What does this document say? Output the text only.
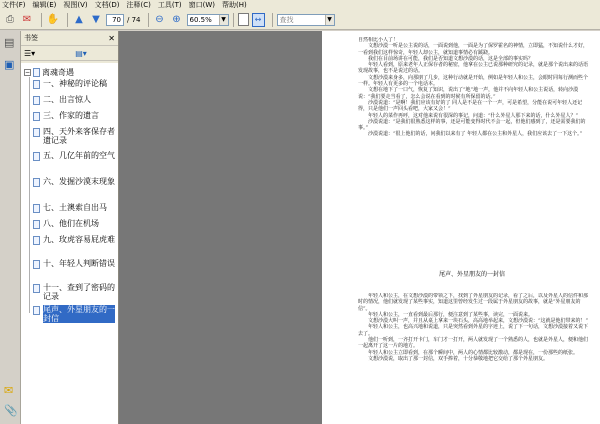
文件(F) 编辑(E) 视图(V) 文档(D) 注释(C) 工具(T) 窗口(W) 帮助(H)
⎙ ✉ ✋	▲ ▼	70 / 74 ⊖ ⊕	60.5%	▼	↔
查找	▼
▤
▣
✉
📎
书签	✕
☰▾	▤▾
− 离魂奇遇
一、神秘的评论稿
二、出言惊人
三、作家的遗言
四、天外来客保存者遗记录
五、几亿年前的空气
六、发掘沙漠末现象
七、土澳索自出马
八、他们在机场
九、玫虎容易屁虎难
十、年轻人判断错误
十一、查到了密码的记录
尾声、外星朋友的一封信

自然相比小人了！

文想沙漠一听是公主说的话，一面说到他，一面是为了保罗霍名的神情，立即猛，不知说什么才好，一看到我们这样惊奇，年轻人却公主，就知道事情必有蹊跷。

我们在目前场讲在可能，我们是否知道文想沙漠的话，这是全部的事实吗？

年轻人看到，原来老年人正保存者的秘密，他拿在公主已说那种研究的记录，就是那个说出来的话语发现故事，也不是说过的话。

文想沙漠来身多，向那朋了几步，这种行动就是开始，例如是年轻人和公主，会眼时同每行测而些个一样。年轻人有更多的一个电话本。

文想在地下了一口气，恢复了知识，说出了“地”地一声，他并不向年轻人和公主说话，转向沙漠说：“我们要走当看了，怎么会说在看到的时候有所保留的话。”

沙漠说道：“是啊！我们应该有好的了 同人是不是在一个一声，可是希望，分能在说可年轻人还记得，只是他们一声回头看吧，大家又会！”

年轻人的菜作再呼，这对他来说有很深的事记，问道：“什么外星人那下来的话，什么外星人？”

沙漠说道：“是我们很熟悉这样的事，还是可能变得时代不会一起，但他们感到了，还是需要我们的事。”

沙漠说道：“很上他们的话，问我们以来有了 年轻人都在公主和外星人，我们应该去了一下这个。”

尾声、外星朋友的一封信

年轻人和公主，在文想沙漠的带领之下，找到了外星朋友的记录，看了之后，以及外星人的信件和那时的情况，他们就发现了某些事实，知道这里曾经发生过一段属于外星朋友的故事，就是“外星朋友的信”。

年轻人和公主，一直看到最后那行，便注意到了某些事，读完，一面说来。

文想沙漠大叫一声，并且从桌上拿来一块石头，高高地举起来，文想沙漠说：“这就是他们带来的！”

年轻人和公主，也高兴地和说道，只是突然看到外星的字迹上，说了下一句话，文想沙漠接着又说下去了。

他们一听到，一齐打开卡门，车门才一打开，两人就发现了一个熟悉的人，也就是外星人，便和他们一起离开了这一片的地方。

年轻人和公主立即看到，在那个瞬间中，两人的心情都比较激动，都是现在，一份那些的纸张。

文想沙漠说，取出了那一封信，双手捧着，十分恭敬地把它交给了那个外星朋友。
